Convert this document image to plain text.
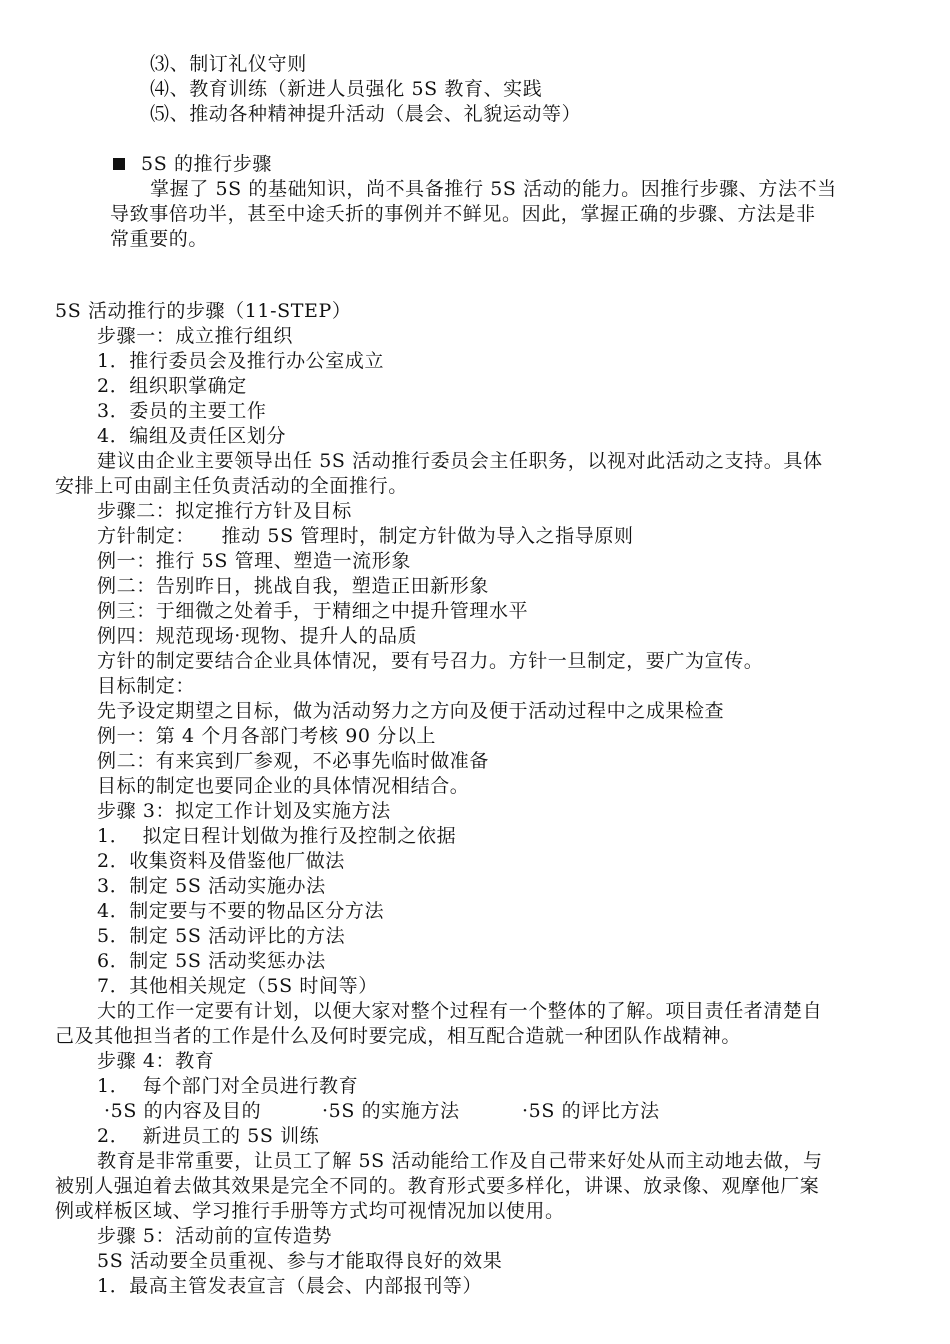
⑶、制订礼仪守则
⑷、教育训练（新进人员强化 5S 教育、实践
⑸、推动各种精神提升活动（晨会、礼貌运动等）
5S 的推行步骤
掌握了 5S 的基础知识，尚不具备推行 5S 活动的能力。因推行步骤、方法不当
导致事倍功半，甚至中途夭折的事例并不鲜见。因此，掌握正确的步骤、方法是非
常重要的。
5S 活动推行的步骤（11-STEP）
步骤一：成立推行组织
1．推行委员会及推行办公室成立
2．组织职掌确定
3．委员的主要工作
4．编组及责任区划分
建议由企业主要领导出任 5S 活动推行委员会主任职务，以视对此活动之支持。具体
安排上可由副主任负责活动的全面推行。
步骤二：拟定推行方针及目标
方针制定：    推动 5S 管理时，制定方针做为导入之指导原则
例一：推行 5S 管理、塑造一流形象
例二：告别昨日，挑战自我，塑造正田新形象
例三：于细微之处着手，于精细之中提升管理水平
例四：规范现场·现物、提升人的品质
方针的制定要结合企业具体情况，要有号召力。方针一旦制定，要广为宣传。
目标制定：
先予设定期望之目标，做为活动努力之方向及便于活动过程中之成果检查
例一：第 4 个月各部门考核 90 分以上
例二：有来宾到厂参观，不必事先临时做准备
目标的制定也要同企业的具体情况相结合。
步骤 3：拟定工作计划及实施方法
1．  拟定日程计划做为推行及控制之依据
2．收集资料及借鉴他厂做法
3．制定 5S 活动实施办法
4．制定要与不要的物品区分方法
5．制定 5S 活动评比的方法
6．制定 5S 活动奖惩办法
7．其他相关规定（5S 时间等）
大的工作一定要有计划，以便大家对整个过程有一个整体的了解。项目责任者清楚自
己及其他担当者的工作是什么及何时要完成，相互配合造就一种团队作战精神。
步骤 4：教育
1．  每个部门对全员进行教育
·5S 的内容及目的	·5S 的实施方法	·5S 的评比方法
2．  新进员工的 5S 训练
教育是非常重要，让员工了解 5S 活动能给工作及自己带来好处从而主动地去做，与
被别人强迫着去做其效果是完全不同的。教育形式要多样化，讲课、放录像、观摩他厂案
例或样板区域、学习推行手册等方式均可视情况加以使用。
步骤 5：活动前的宣传造势
5S 活动要全员重视、参与才能取得良好的效果
1．最高主管发表宣言（晨会、内部报刊等）
